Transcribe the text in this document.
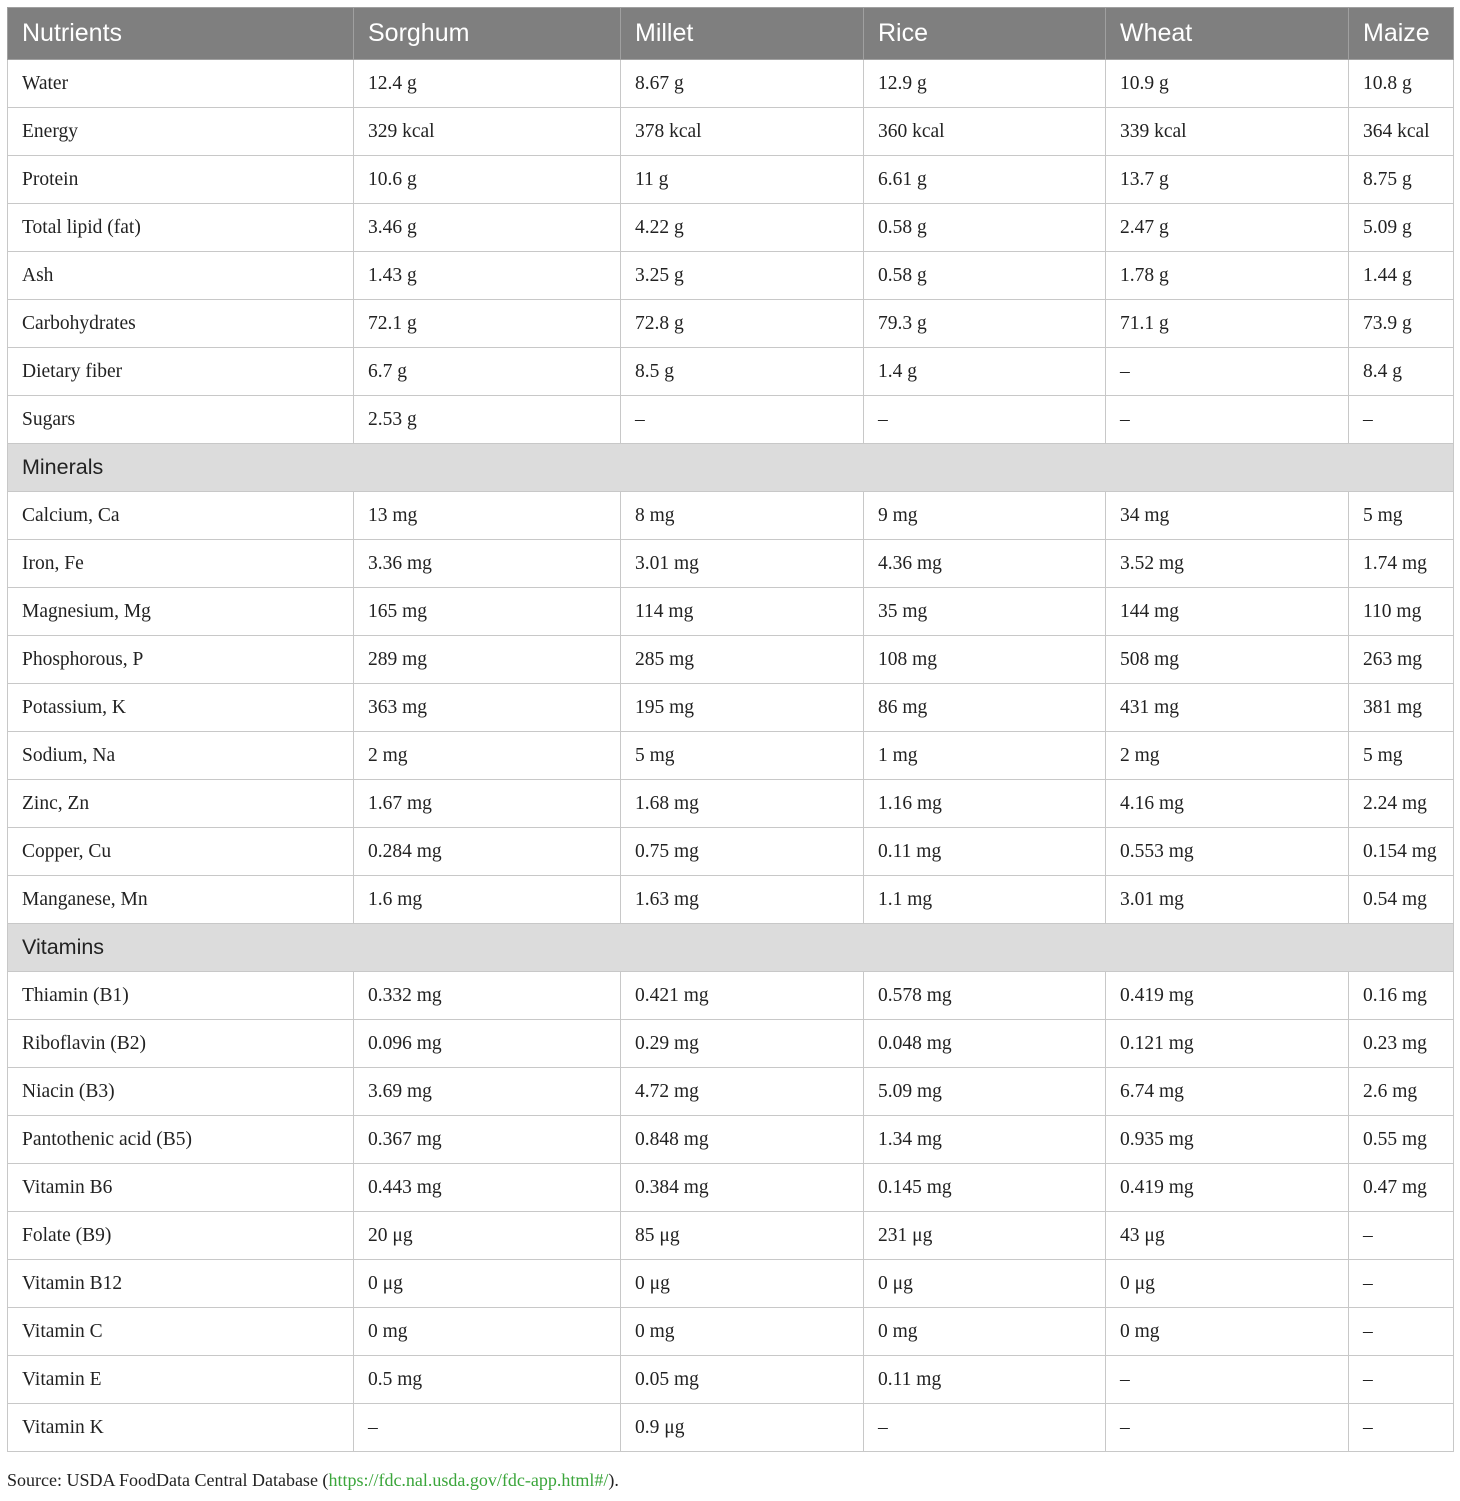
Nutrients	Sorghum	Millet	Rice	Wheat	Maize
Water	12.4 g	8.67 g	12.9 g	10.9 g	10.8 g
Energy	329 kcal	378 kcal	360 kcal	339 kcal	364 kcal
Protein	10.6 g	11 g	6.61 g	13.7 g	8.75 g
Total lipid (fat)	3.46 g	4.22 g	0.58 g	2.47 g	5.09 g
Ash	1.43 g	3.25 g	0.58 g	1.78 g	1.44 g
Carbohydrates	72.1 g	72.8 g	79.3 g	71.1 g	73.9 g
Dietary fiber	6.7 g	8.5 g	1.4 g	–	8.4 g
Sugars	2.53 g	–	–	–	–
Minerals					
Calcium, Ca	13 mg	8 mg	9 mg	34 mg	5 mg
Iron, Fe	3.36 mg	3.01 mg	4.36 mg	3.52 mg	1.74 mg
Magnesium, Mg	165 mg	114 mg	35 mg	144 mg	110 mg
Phosphorous, P	289 mg	285 mg	108 mg	508 mg	263 mg
Potassium, K	363 mg	195 mg	86 mg	431 mg	381 mg
Sodium, Na	2 mg	5 mg	1 mg	2 mg	5 mg
Zinc, Zn	1.67 mg	1.68 mg	1.16 mg	4.16 mg	2.24 mg
Copper, Cu	0.284 mg	0.75 mg	0.11 mg	0.553 mg	0.154 mg
Manganese, Mn	1.6 mg	1.63 mg	1.1 mg	3.01 mg	0.54 mg
Vitamins					
Thiamin (B1)	0.332 mg	0.421 mg	0.578 mg	0.419 mg	0.16 mg
Riboflavin (B2)	0.096 mg	0.29 mg	0.048 mg	0.121 mg	0.23 mg
Niacin (B3)	3.69 mg	4.72 mg	5.09 mg	6.74 mg	2.6 mg
Pantothenic acid (B5)	0.367 mg	0.848 mg	1.34 mg	0.935 mg	0.55 mg
Vitamin B6	0.443 mg	0.384 mg	0.145 mg	0.419 mg	0.47 mg
Folate (B9)	20 μg	85 μg	231 μg	43 μg	–
Vitamin B12	0 μg	0 μg	0 μg	0 μg	–
Vitamin C	0 mg	0 mg	0 mg	0 mg	–
Vitamin E	0.5 mg	0.05 mg	0.11 mg	–	–
Vitamin K	–	0.9 μg	–	–	–
Source: USDA FoodData Central Database (https://fdc.nal.usda.gov/fdc-app.html#/).
